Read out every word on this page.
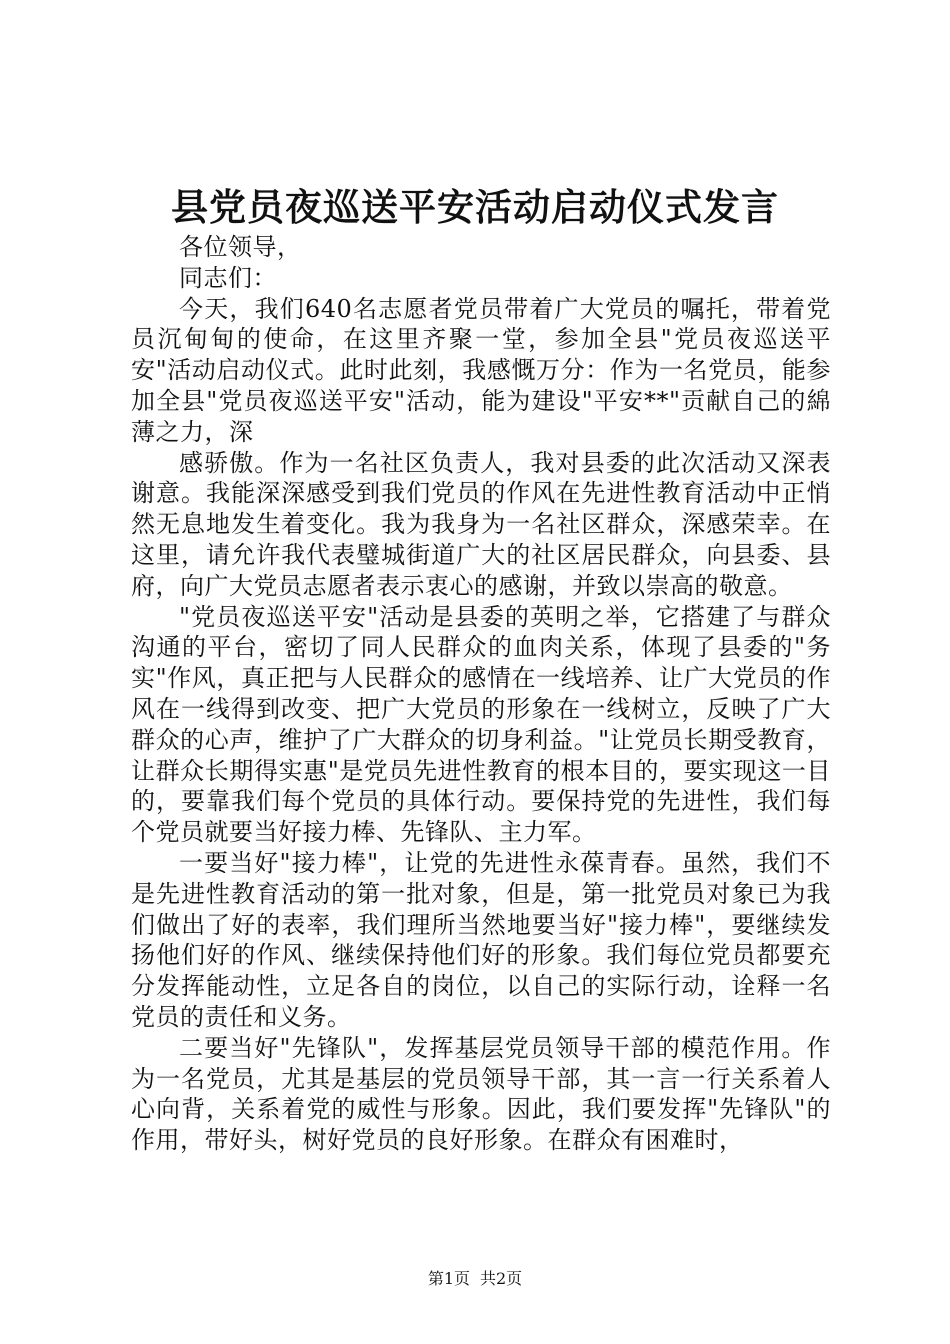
县党员夜巡送平安活动启动仪式发言

各位领导，

同志们：

今天，我们640名志愿者党员带着广大党员的嘱托，带着党员沉甸甸的使命，在这里齐聚一堂，参加全县"党员夜巡送平安"活动启动仪式。此时此刻，我感慨万分：作为一名党员，能参加全县"党员夜巡送平安"活动，能为建设"平安**"贡献自己的綿薄之力，深

感骄傲。作为一名社区负责人，我对县委的此次活动又深表谢意。我能深深感受到我们党员的作风在先进性教育活动中正悄然无息地发生着变化。我为我身为一名社区群众，深感荣幸。在这里，请允许我代表璧城街道广大的社区居民群众，向县委、县府，向广大党员志愿者表示衷心的感谢，并致以崇高的敬意。

"党员夜巡送平安"活动是县委的英明之举，它搭建了与群众沟通的平台，密切了同人民群众的血肉关系，体现了县委的"务实"作风，真正把与人民群众的感情在一线培养、让广大党员的作风在一线得到改变、把广大党员的形象在一线树立，反映了广大群众的心声，维护了广大群众的切身利益。"让党员长期受教育，让群众长期得实惠"是党员先进性教育的根本目的，要实现这一目的，要靠我们每个党员的具体行动。要保持党的先进性，我们每个党员就要当好接力棒、先锋队、主力军。

一要当好"接力棒"，让党的先进性永葆青春。虽然，我们不是先进性教育活动的第一批对象，但是，第一批党员对象已为我们做出了好的表率，我们理所当然地要当好"接力棒"，要继续发扬他们好的作风、继续保持他们好的形象。我们每位党员都要充分发挥能动性，立足各自的岗位，以自己的实际行动，诠释一名党员的责任和义务。

二要当好"先锋队"，发挥基层党员领导干部的模范作用。作为一名党员，尤其是基层的党员领导干部，其一言一行关系着人心向背，关系着党的威性与形象。因此，我们要发挥"先锋队"的作用，带好头，树好党员的良好形象。在群众有困难时，

第1页 共2页
